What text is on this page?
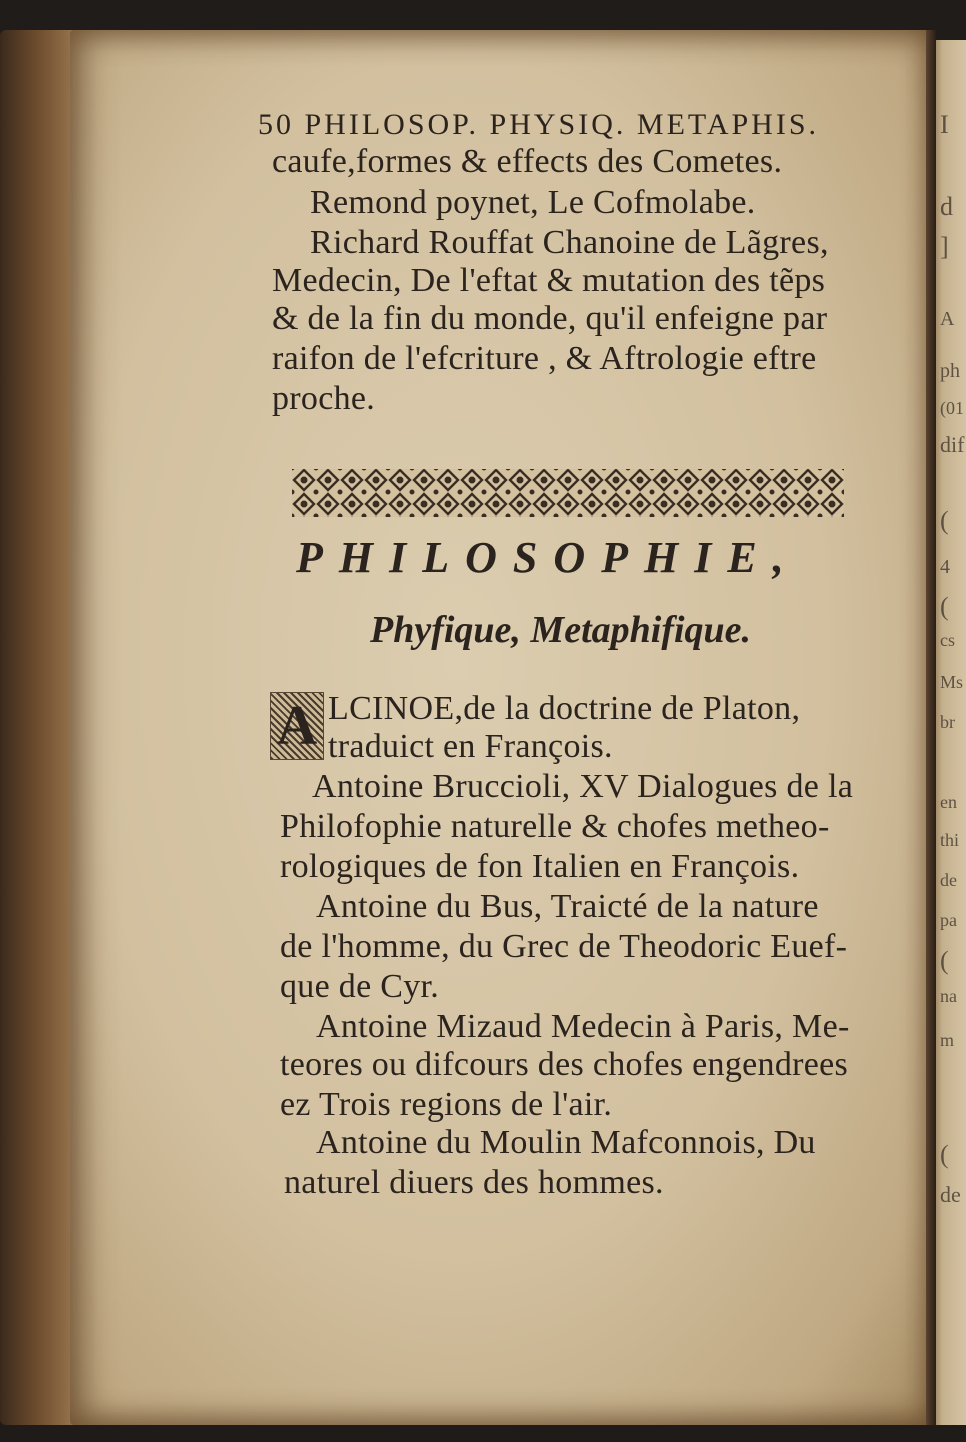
50 PHILOSOP. PHYSIQ. METAPHIS.
caufe,formes & effects des Cometes.
Remond poynet, Le Cofmolabe.
Richard Rouffat Chanoine de Lãgres,
Medecin, De l'eftat & mutation des tẽps
& de la fin du monde, qu'il enfeigne par
raifon de l'efcriture , & Aftrologie eftre
proche.
PHILOSOPHIE,
Phyfique, Metaphifique.
A LCINOE,de la doctrine de Platon,
traduict en François.
Antoine Bruccioli, XV Dialogues de la
Philofophie naturelle & chofes metheo-
rologiques de fon Italien en François.
Antoine du Bus, Traicté de la nature
de l'homme, du Grec de Theodoric Euef-
que de Cyr.
Antoine Mizaud Medecin à Paris, Me-
teores ou difcours des chofes engendrees
ez Trois regions de l'air.
Antoine du Moulin Mafconnois, Du
naturel diuers des hommes.
I
d
]
A
ph
(01
dif
(
4
(
cs
Ms
br
en
thi
de
pa
(
na
m
(
de
